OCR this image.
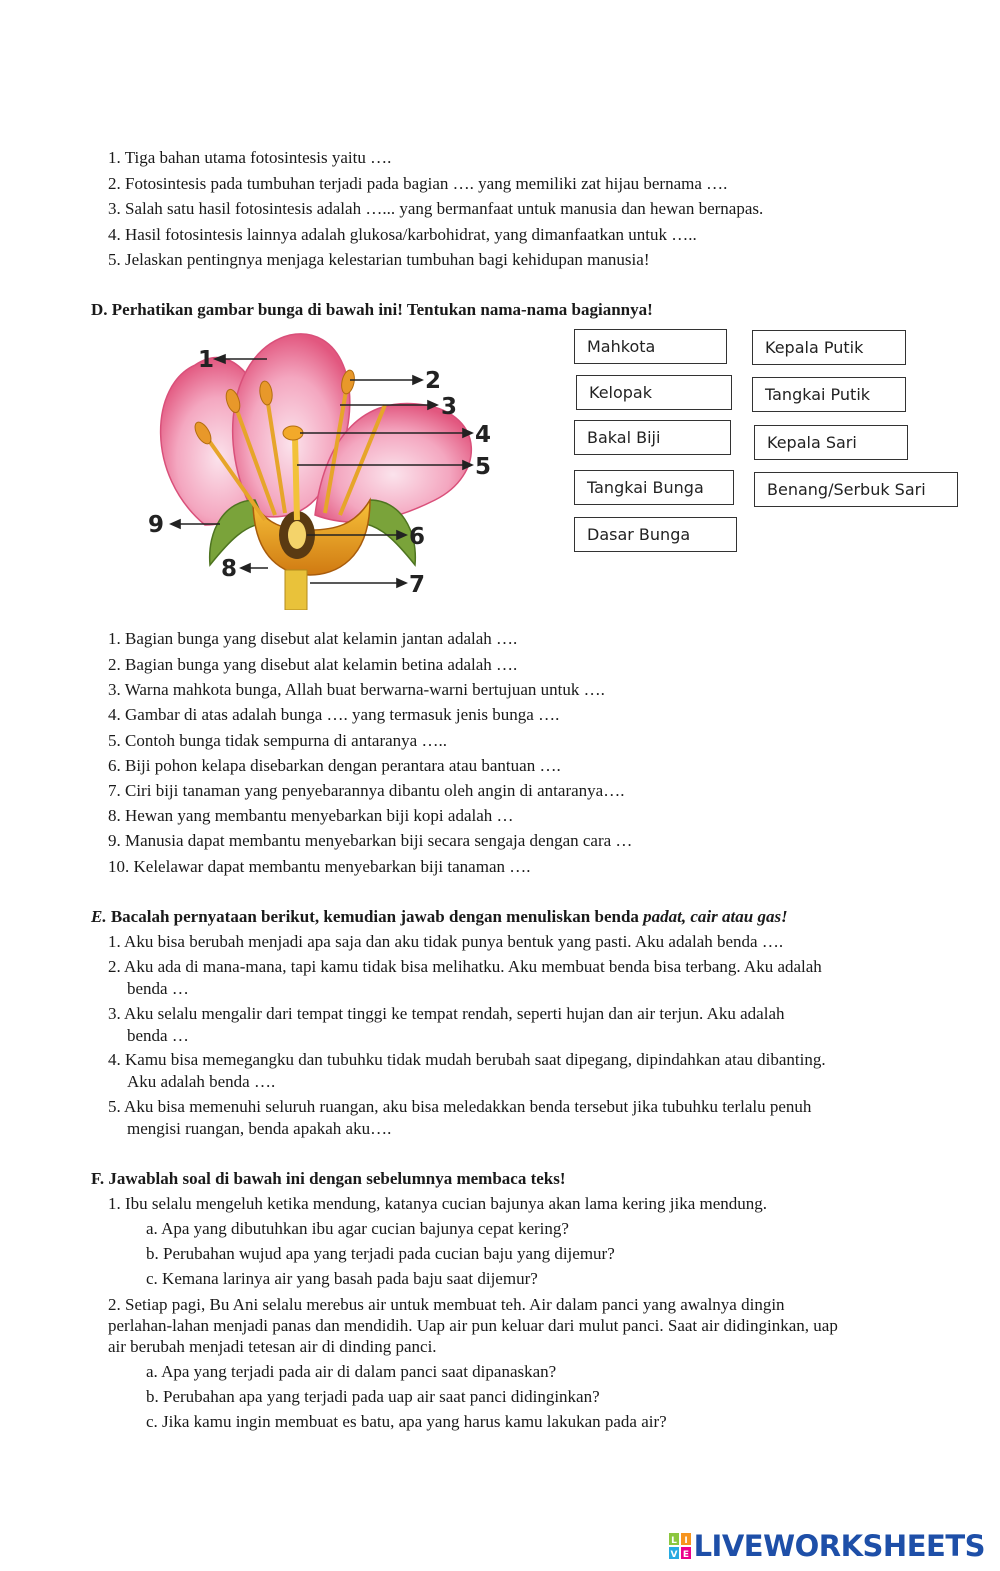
1. Tiga bahan utama fotosintesis yaitu ….
2. Fotosintesis pada tumbuhan terjadi pada bagian …. yang memiliki zat hijau bernama ….
3. Salah satu hasil fotosintesis adalah …... yang bermanfaat untuk manusia dan hewan bernapas.
4. Hasil fotosintesis lainnya adalah glukosa/karbohidrat, yang dimanfaatkan untuk …..
5. Jelaskan pentingnya menjaga kelestarian tumbuhan bagi kehidupan manusia!
D. Perhatikan gambar bunga di bawah ini! Tentukan nama-nama bagiannya!
1
2
3
4
5
6
7
8
9
Mahkota
Kelopak
Bakal Biji
Tangkai Bunga
Dasar Bunga
Kepala Putik
Tangkai Putik
Kepala Sari
Benang/Serbuk Sari
1. Bagian bunga yang disebut alat kelamin jantan adalah ….
2. Bagian bunga yang disebut alat kelamin betina adalah ….
3. Warna mahkota bunga, Allah buat berwarna-warni bertujuan untuk ….
4. Gambar di atas adalah bunga …. yang termasuk jenis bunga ….
5. Contoh bunga tidak sempurna di antaranya …..
6. Biji pohon kelapa disebarkan dengan perantara atau bantuan ….
7. Ciri biji tanaman yang penyebarannya dibantu oleh angin di antaranya….
8. Hewan yang membantu menyebarkan biji kopi adalah …
9. Manusia dapat membantu menyebarkan biji secara sengaja dengan cara …
10. Kelelawar dapat membantu menyebarkan biji tanaman ….
E. Bacalah pernyataan berikut, kemudian jawab dengan menuliskan benda padat, cair atau gas!
1. Aku bisa berubah menjadi apa saja dan aku tidak punya bentuk yang pasti. Aku adalah benda ….
2. Aku ada di mana-mana, tapi kamu tidak bisa melihatku. Aku membuat benda bisa terbang. Aku adalah
benda …
3. Aku selalu mengalir dari tempat tinggi ke tempat rendah, seperti hujan dan air terjun. Aku adalah
benda …
4. Kamu bisa memegangku dan tubuhku tidak mudah berubah saat dipegang, dipindahkan atau dibanting.
Aku adalah benda ….
5. Aku bisa memenuhi seluruh ruangan, aku bisa meledakkan benda tersebut jika tubuhku terlalu penuh
mengisi ruangan, benda apakah aku….
F. Jawablah soal di bawah ini dengan sebelumnya membaca teks!
1. Ibu selalu mengeluh ketika mendung, katanya cucian bajunya akan lama kering jika mendung.
a. Apa yang dibutuhkan ibu agar cucian bajunya cepat kering?
b. Perubahan wujud apa yang terjadi pada cucian baju yang dijemur?
c. Kemana larinya air yang basah pada baju saat dijemur?
2. Setiap pagi, Bu Ani selalu merebus air untuk membuat teh. Air dalam panci yang awalnya dingin
perlahan-lahan menjadi panas dan mendidih. Uap air pun keluar dari mulut panci. Saat air didinginkan, uap
air berubah menjadi tetesan air di dinding panci.
a. Apa yang terjadi pada air di dalam panci saat dipanaskan?
b. Perubahan apa yang terjadi pada uap air saat panci didinginkan?
c. Jika kamu ingin membuat es batu, apa yang harus kamu lakukan pada air?
L I
V E LIVEWORKSHEETS
